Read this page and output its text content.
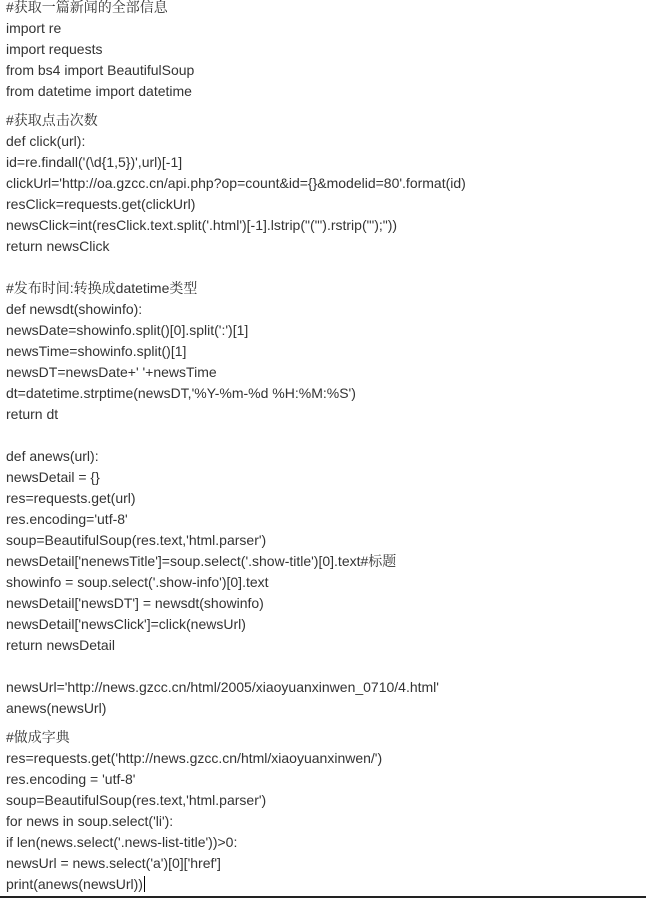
#获取一篇新闻的全部信息
import re
import requests
from bs4 import BeautifulSoup
from datetime import datetime
#获取点击次数
def click(url):
id=re.findall('(\d{1,5})',url)[-1]
clickUrl='http://oa.gzcc.cn/api.php?op=count&id={}&modelid=80'.format(id)
resClick=requests.get(clickUrl)
newsClick=int(resClick.text.split('.html')[-1].lstrip("('").rstrip("');"))
return newsClick
#发布时间:转换成datetime类型
def newsdt(showinfo):
newsDate=showinfo.split()[0].split(':')[1]
newsTime=showinfo.split()[1]
newsDT=newsDate+' '+newsTime
dt=datetime.strptime(newsDT,'%Y-%m-%d %H:%M:%S')
return dt
def anews(url):
newsDetail = {}
res=requests.get(url)
res.encoding='utf-8'
soup=BeautifulSoup(res.text,'html.parser')
newsDetail['nenewsTitle']=soup.select('.show-title')[0].text#标题
showinfo = soup.select('.show-info')[0].text
newsDetail['newsDT'] = newsdt(showinfo)
newsDetail['newsClick']=click(newsUrl)
return newsDetail
newsUrl='http://news.gzcc.cn/html/2005/xiaoyuanxinwen_0710/4.html'
anews(newsUrl)
#做成字典
res=requests.get('http://news.gzcc.cn/html/xiaoyuanxinwen/')
res.encoding = 'utf-8'
soup=BeautifulSoup(res.text,'html.parser')
for news in soup.select('li'):
if len(news.select('.news-list-title'))>0:
newsUrl = news.select('a')[0]['href']
print(anews(newsUrl))
